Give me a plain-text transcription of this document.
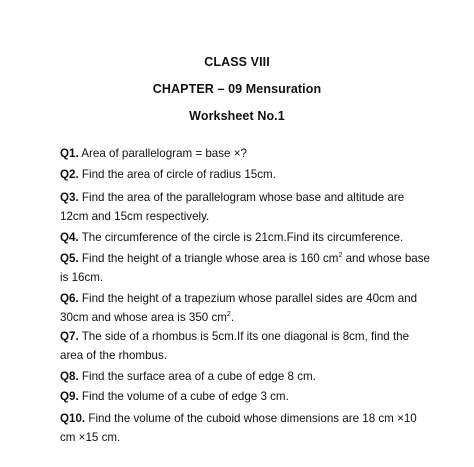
CLASS VIII
CHAPTER – 09 Mensuration
Worksheet No.1
Q1. Area of parallelogram = base ×?
Q2. Find the area of circle of radius 15cm.
Q3. Find the area of the parallelogram whose base and altitude are 12cm and 15cm respectively.
Q4. The circumference of the circle is 21cm.Find its circumference.
Q5. Find the height of a triangle whose area is 160 $cm^2$ and whose base is 16cm.
Q6. Find the height of a trapezium whose parallel sides are 40cm and 30cm and whose area is 350 $cm^2$.
Q7. The side of a rhombus is 5cm.If its one diagonal is 8cm, find the area of the rhombus.
Q8. Find the surface area of a cube of edge 8 cm.
Q9. Find the volume of a cube of edge 3 cm.
Q10. Find the volume of the cuboid whose dimensions are 18 cm ×10 cm ×15 cm.
